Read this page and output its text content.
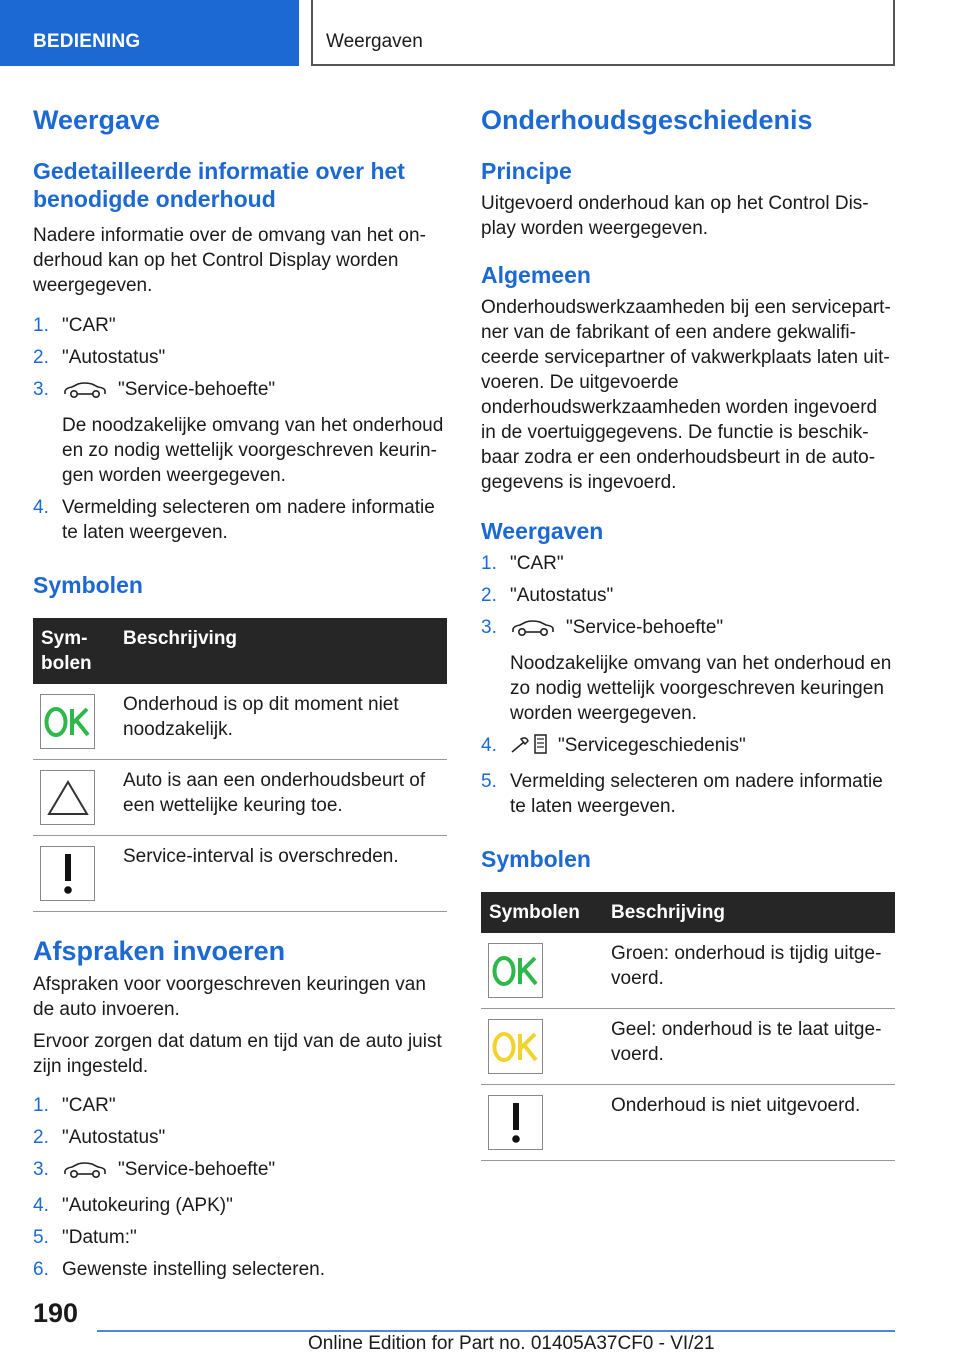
BEDIENING	Weergaven
Weergave
Gedetailleerde informatie over het benodigde onderhoud

Nadere informatie over de omvang van het onderhoud kan op het Control Display worden weergegeven.

1. "CAR"
2. "Autostatus"
3.	"Service-behoefte"
De noodzakelijke omvang van het onderhoud en zo nodig wettelijk voorgeschreven keuringen worden weergegeven.
4. Vermelding selecteren om nadere informatie te laten weergeven.
Symbolen
Symbolen	Beschrijving

	Onderhoud is op dit moment niet noodzakelijk.

	Auto is aan een onderhoudsbeurt of een wettelijke keuring toe.

	Service-interval is overschreden.
Afspraken invoeren

Afspraken voor voorgeschreven keuringen van de auto invoeren.

Ervoor zorgen dat datum en tijd van de auto juist zijn ingesteld.

1. "CAR"
2. "Autostatus"
3.	"Service-behoefte"
4. "Autokeuring (APK)"
5. "Datum:"
6. Gewenste instelling selecteren.
Onderhoudsgeschiedenis
Principe

Uitgevoerd onderhoud kan op het Control Display worden weergegeven.

Algemeen

Onderhoudswerkzaamheden bij een servicepartner van de fabrikant of een andere gekwalificeerde servicepartner of vakwerkplaats laten uitvoeren. De uitgevoerde onderhoudswerkzaamheden worden ingevoerd in de voertuiggegevens. De functie is beschikbaar zodra er een onderhoudsbeurt in de autogegevens is ingevoerd.

Weergaven
1. "CAR"
2. "Autostatus"
3.	"Service-behoefte"
Noodzakelijke omvang van het onderhoud en zo nodig wettelijk voorgeschreven keuringen worden weergegeven.
4.	"Servicegeschiedenis"
5. Vermelding selecteren om nadere informatie te laten weergeven.
Symbolen
Symbolen	Beschrijving

	Groen: onderhoud is tijdig uitgevoerd.

	Geel: onderhoud is te laat uitgevoerd.

	Onderhoud is niet uitgevoerd.
190
Online Edition for Part no. 01405A37CF0 - VI/21
